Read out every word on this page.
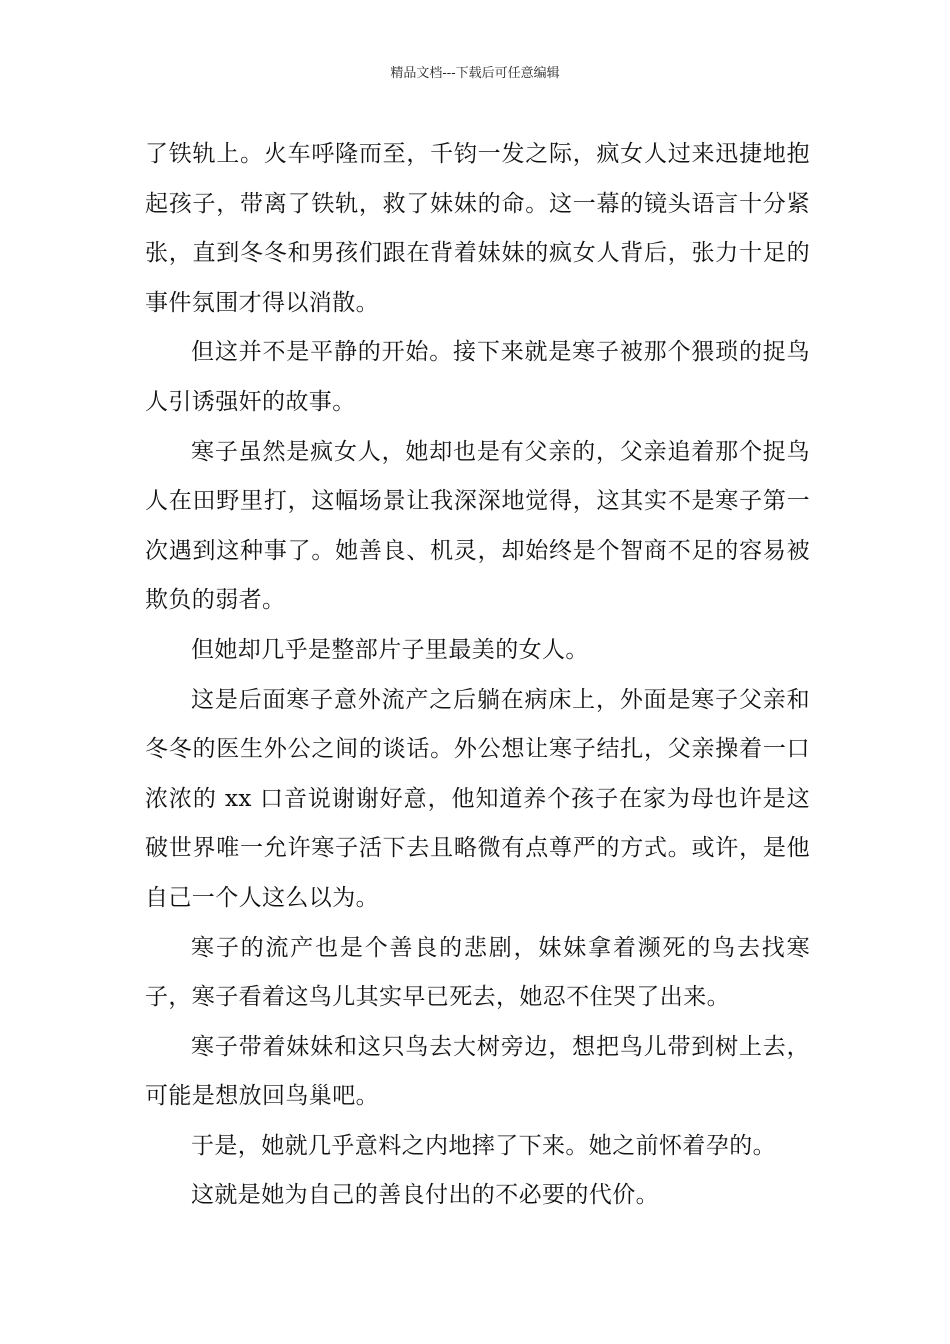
精品文档---下载后可任意编辑

了铁轨上。火车呼隆而至，千钧一发之际，疯女人过来迅捷地抱起孩子，带离了铁轨，救了妹妹的命。这一幕的镜头语言十分紧张，直到冬冬和男孩们跟在背着妹妹的疯女人背后，张力十足的事件氛围才得以消散。

但这并不是平静的开始。接下来就是寒子被那个猥琐的捉鸟人引诱强奸的故事。

寒子虽然是疯女人，她却也是有父亲的，父亲追着那个捉鸟人在田野里打，这幅场景让我深深地觉得，这其实不是寒子第一次遇到这种事了。她善良、机灵，却始终是个智商不足的容易被欺负的弱者。

但她却几乎是整部片子里最美的女人。

这是后面寒子意外流产之后躺在病床上，外面是寒子父亲和冬冬的医生外公之间的谈话。外公想让寒子结扎，父亲操着一口浓浓的 xx 口音说谢谢好意，他知道养个孩子在家为母也许是这破世界唯一允许寒子活下去且略微有点尊严的方式。或许，是他自己一个人这么以为。

寒子的流产也是个善良的悲剧，妹妹拿着濒死的鸟去找寒子，寒子看着这鸟儿其实早已死去，她忍不住哭了出来。

寒子带着妹妹和这只鸟去大树旁边，想把鸟儿带到树上去，可能是想放回鸟巢吧。

于是，她就几乎意料之内地摔了下来。她之前怀着孕的。

这就是她为自己的善良付出的不必要的代价。
